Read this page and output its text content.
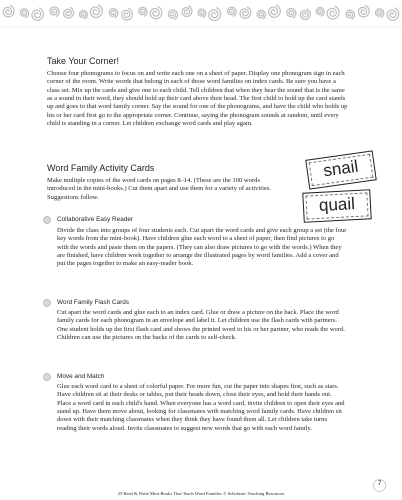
Take Your Corner!

Choose four phonograms to focus on and write each one on a sheet of paper. Display one phonogram sign in each corner of the room. Write words that belong in each of those word families on index cards. Be sure you have a class set. Mix up the cards and give one to each child. Tell children that when they hear the sound that is the same as a sound in their word, they should hold up their card above their head. The first child to hold up the card stands up and goes to that word family corner. Say the sound for one of the phonograms, and have the child who holds up his or her card first go to the appropriate corner. Continue, saying the phonogram sounds at random, until every child is standing in a corner. Let children exchange word cards and play again.

Word Family Activity Cards

Make multiple copies of the word cards on pages 8–14. (These are the 100 words introduced in the mini-books.) Cut them apart and use them for a variety of activities. Suggestions follow.

snail
quail
Collaborative Easy Reader

Divide the class into groups of four students each. Cut apart the word cards and give each group a set (the four key words from the mini-book). Have children glue each word to a sheet of paper, then find pictures to go with the words and paste them on the papers. (They can also draw pictures to go with the words.) When they are finished, have children work together to arrange the illustrated pages by word families. Add a cover and put the pages together to make an easy-reader book.

Word Family Flash Cards

Cut apart the word cards and glue each to an index card. Glue or draw a picture on the back. Place the word family cards for each phonogram in an envelope and label it. Let children use the flash cards with partners. One student holds up the first flash card and shows the printed word to his or her partner, who reads the word. Children can use the pictures on the backs of the cards to self-check.

Move and Match

Glue each word card to a sheet of colorful paper. For more fun, cut the paper into shapes first, such as stars. Have children sit at their desks or tables, put their heads down, close their eyes, and hold their hands out. Place a word card in each child's hand. When everyone has a word card, invite children to open their eyes and stand up. Have them move about, looking for classmates with matching word family cards. Have children sit down with their matching classmates when they think they have found them all. Let children take turns reading their words aloud. Invite classmates to suggest new words that go with each word family.

7
25 Read & Write Mini-Books That Teach Word Families © Scholastic Teaching Resources
